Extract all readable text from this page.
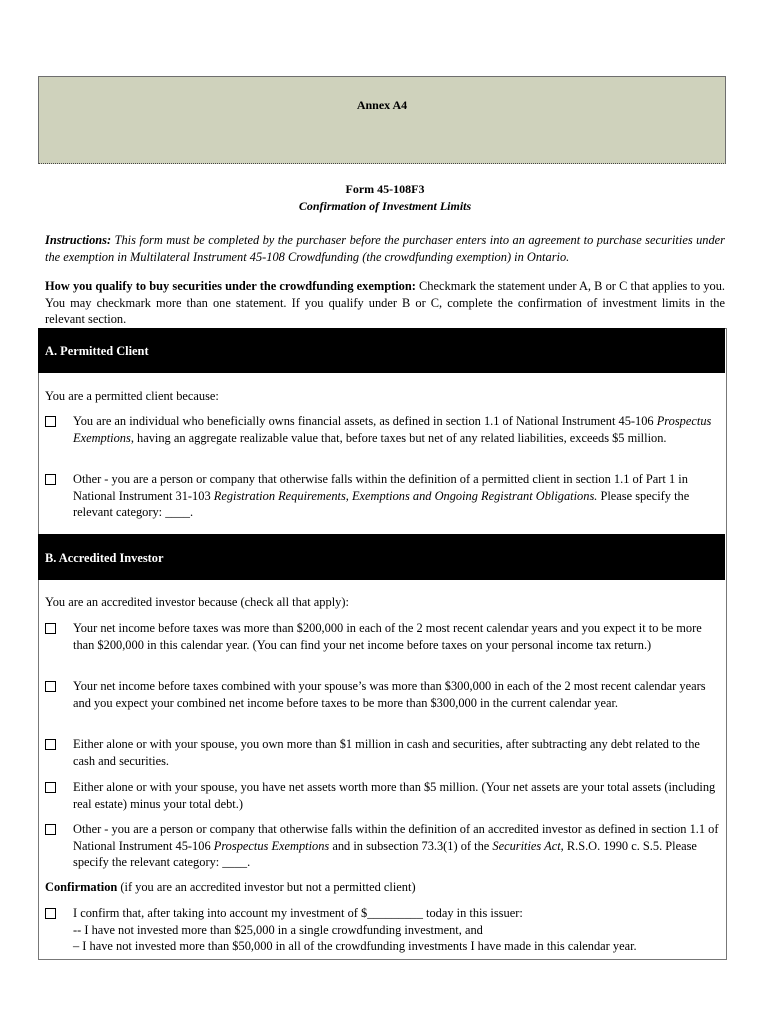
Annex A4
Form 45-108F3
Confirmation of Investment Limits
Instructions: This form must be completed by the purchaser before the purchaser enters into an agreement to purchase securities under the exemption in Multilateral Instrument 45-108 Crowdfunding (the crowdfunding exemption) in Ontario.
How you qualify to buy securities under the crowdfunding exemption: Checkmark the statement under A, B or C that applies to you. You may checkmark more than one statement. If you qualify under B or C, complete the confirmation of investment limits in the relevant section.
A. Permitted Client
You are a permitted client because:
You are an individual who beneficially owns financial assets, as defined in section 1.1 of National Instrument 45-106 Prospectus Exemptions, having an aggregate realizable value that, before taxes but net of any related liabilities, exceeds $5 million.
Other - you are a person or company that otherwise falls within the definition of a permitted client in section 1.1 of Part 1 in National Instrument 31-103 Registration Requirements, Exemptions and Ongoing Registrant Obligations. Please specify the relevant category: ____.
B. Accredited Investor
You are an accredited investor because (check all that apply):
Your net income before taxes was more than $200,000 in each of the 2 most recent calendar years and you expect it to be more than $200,000 in this calendar year. (You can find your net income before taxes on your personal income tax return.)
Your net income before taxes combined with your spouse’s was more than $300,000 in each of the 2 most recent calendar years and you expect your combined net income before taxes to be more than $300,000 in the current calendar year.
Either alone or with your spouse, you own more than $1 million in cash and securities, after subtracting any debt related to the cash and securities.
Either alone or with your spouse, you have net assets worth more than $5 million. (Your net assets are your total assets (including real estate) minus your total debt.)
Other - you are a person or company that otherwise falls within the definition of an accredited investor as defined in section 1.1 of National Instrument 45-106 Prospectus Exemptions and in subsection 73.3(1) of the Securities Act, R.S.O. 1990 c. S.5. Please specify the relevant category: ____.
Confirmation (if you are an accredited investor but not a permitted client)
I confirm that, after taking into account my investment of $_________ today in this issuer:
-- I have not invested more than $25,000 in a single crowdfunding investment, and
– I have not invested more than $50,000 in all of the crowdfunding investments I have made in this calendar year.
